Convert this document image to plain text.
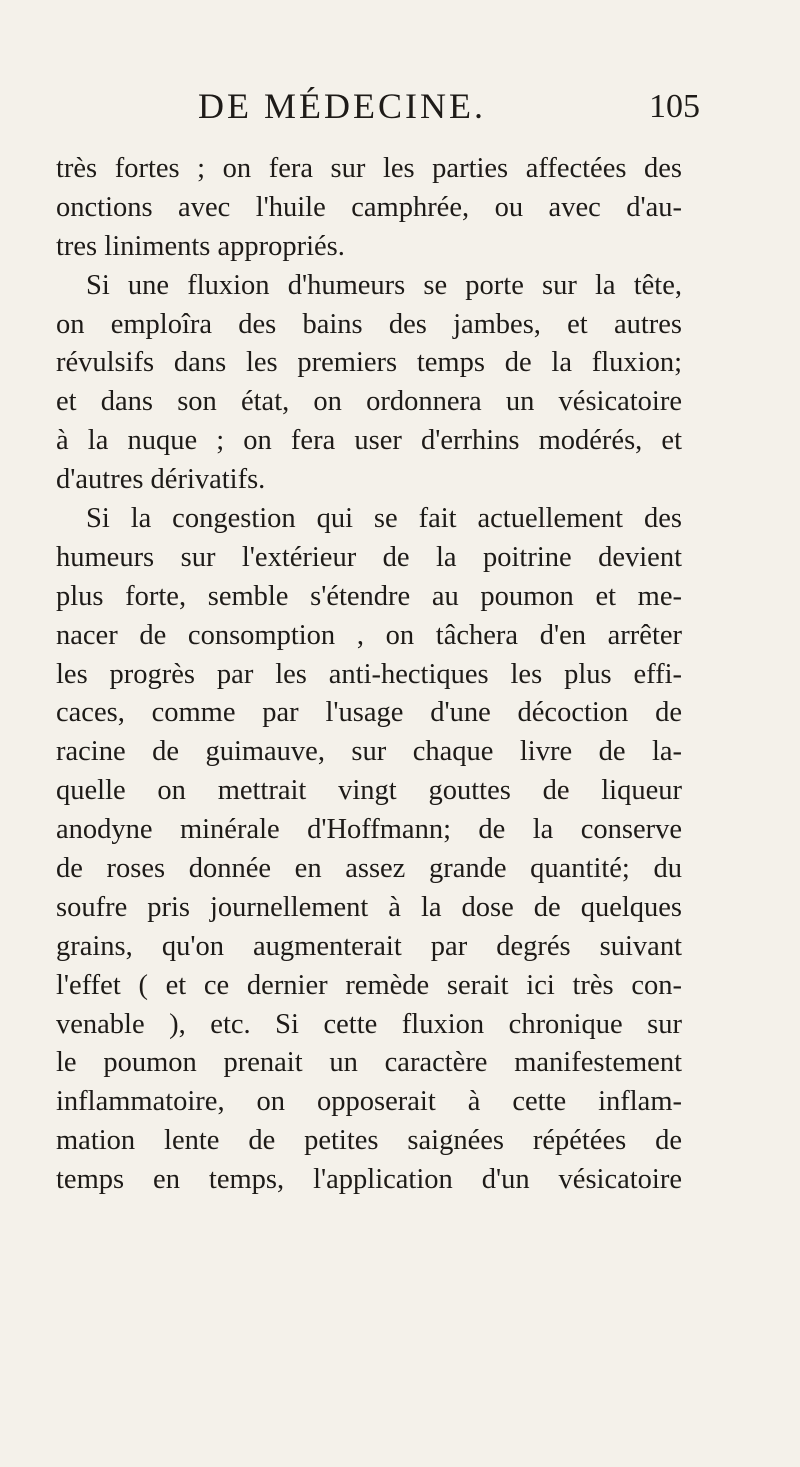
DE MÉDECINE.	105
très fortes ; on fera sur les parties affectées des
onctions avec l'huile camphrée, ou avec d'au-
tres liniments appropriés.
Si une fluxion d'humeurs se porte sur la tête,
on emploîra des bains des jambes, et autres
révulsifs dans les premiers temps de la fluxion;
et dans son état, on ordonnera un vésicatoire
à la nuque ; on fera user d'errhins modérés, et
d'autres dérivatifs.
Si la congestion qui se fait actuellement des
humeurs sur l'extérieur de la poitrine devient
plus forte, semble s'étendre au poumon et me-
nacer de consomption , on tâchera d'en arrêter
les progrès par les anti-hectiques les plus effi-
caces, comme par l'usage d'une décoction de
racine de guimauve, sur chaque livre de la-
quelle on mettrait vingt gouttes de liqueur
anodyne minérale d'Hoffmann; de la conserve
de roses donnée en assez grande quantité; du
soufre pris journellement à la dose de quelques
grains, qu'on augmenterait par degrés suivant
l'effet ( et ce dernier remède serait ici très con-
venable ), etc. Si cette fluxion chronique sur
le poumon prenait un caractère manifestement
inflammatoire, on opposerait à cette inflam-
mation lente de petites saignées répétées de
temps en temps, l'application d'un vésicatoire
